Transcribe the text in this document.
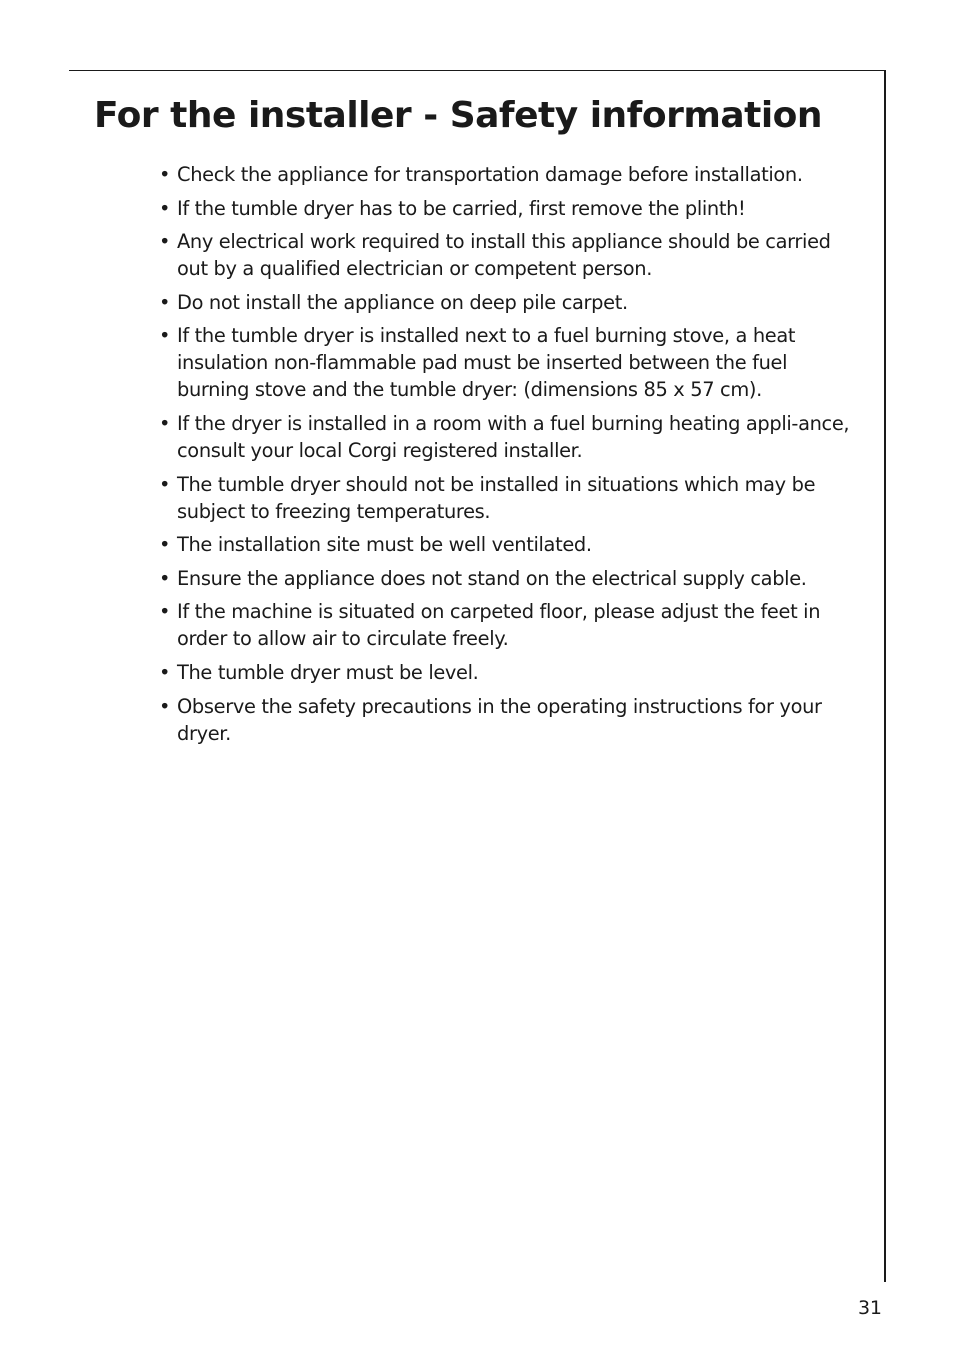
For the installer - Safety information
• Check the appliance for transportation damage before installation.
• If the tumble dryer has to be carried, first remove the plinth!
• Any electrical work required to install this appliance should be carried out by a qualified electrician or competent person.
• Do not install the appliance on deep pile carpet.
• If the tumble dryer is installed next to a fuel burning stove, a heat insulation non-flammable pad must be inserted between the fuel burning stove and the tumble dryer: (dimensions 85 x 57 cm).
• If the dryer is installed in a room with a fuel burning heating appli-ance, consult your local Corgi registered installer.
• The tumble dryer should not be installed in situations which may be subject to freezing temperatures.
• The installation site must be well ventilated.
• Ensure the appliance does not stand on the electrical supply cable.
• If the machine is situated on carpeted floor, please adjust the feet in order to allow air to circulate freely.
• The tumble dryer must be level.
• Observe the safety precautions in the operating instructions for your dryer.
31
